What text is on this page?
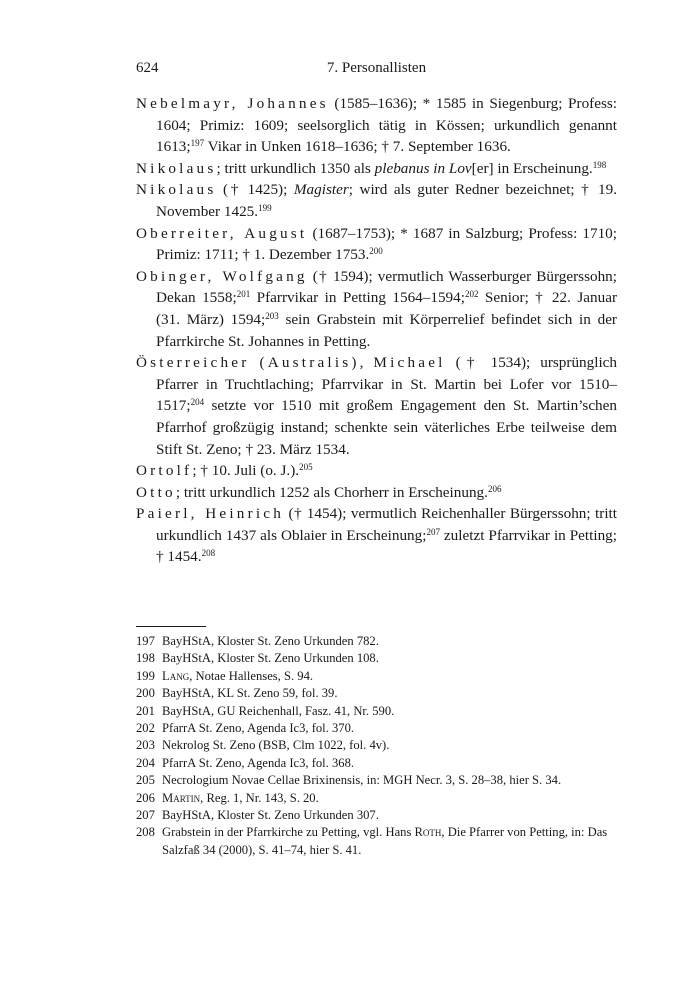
624	7. Personallisten

Nebelmayr, Johannes (1585–1636); * 1585 in Siegenburg; Profess: 1604; Primiz: 1609; seelsorglich tätig in Kössen; urkundlich genannt 1613;$^{197}$ Vikar in Unken 1618–1636; † 7. September 1636.

Nikolaus; tritt urkundlich 1350 als plebanus in Lov[er] in Erscheinung.$^{198}$

Nikolaus († 1425); Magister; wird als guter Redner bezeichnet; † 19. November 1425.$^{199}$

Oberreiter, August (1687–1753); * 1687 in Salzburg; Profess: 1710; Primiz: 1711; † 1. Dezember 1753.$^{200}$

Obinger, Wolfgang († 1594); vermutlich Wasserburger Bürgerssohn; Dekan 1558;$^{201}$ Pfarrvikar in Petting 1564–1594;$^{202}$ Senior; † 22. Januar (31. März) 1594;$^{203}$ sein Grabstein mit Körperrelief befindet sich in der Pfarrkirche St. Johannes in Petting.

Österreicher (Australis), Michael († 1534); ursprünglich Pfarrer in Truchtlaching; Pfarrvikar in St. Martin bei Lofer vor 1510–1517;$^{204}$ setzte vor 1510 mit großem Engagement den St. Martin’schen Pfarrhof großzügig instand; schenkte sein väterliches Erbe teilweise dem Stift St. Zeno; † 23. März 1534.

Ortolf; † 10. Juli (o. J.).$^{205}$

Otto; tritt urkundlich 1252 als Chorherr in Erscheinung.$^{206}$

Paierl, Heinrich († 1454); vermutlich Reichenhaller Bürgerssohn; tritt urkundlich 1437 als Oblaier in Erscheinung;$^{207}$ zuletzt Pfarrvikar in Petting; † 1454.$^{208}$

197 BayHStA, Kloster St. Zeno Urkunden 782.
198 BayHStA, Kloster St. Zeno Urkunden 108.
199 Lang, Notae Hallenses, S. 94.
200 BayHStA, KL St. Zeno 59, fol. 39.
201 BayHStA, GU Reichenhall, Fasz. 41, Nr. 590.
202 PfarrA St. Zeno, Agenda Ic3, fol. 370.
203 Nekrolog St. Zeno (BSB, Clm 1022, fol. 4v).
204 PfarrA St. Zeno, Agenda Ic3, fol. 368.
205 Necrologium Novae Cellae Brixinensis, in: MGH Necr. 3, S. 28–38, hier S. 34.
206 Martin, Reg. 1, Nr. 143, S. 20.
207 BayHStA, Kloster St. Zeno Urkunden 307.
208 Grabstein in der Pfarrkirche zu Petting, vgl. Hans Roth, Die Pfarrer von Petting, in: Das Salzfaß 34 (2000), S. 41–74, hier S. 41.
